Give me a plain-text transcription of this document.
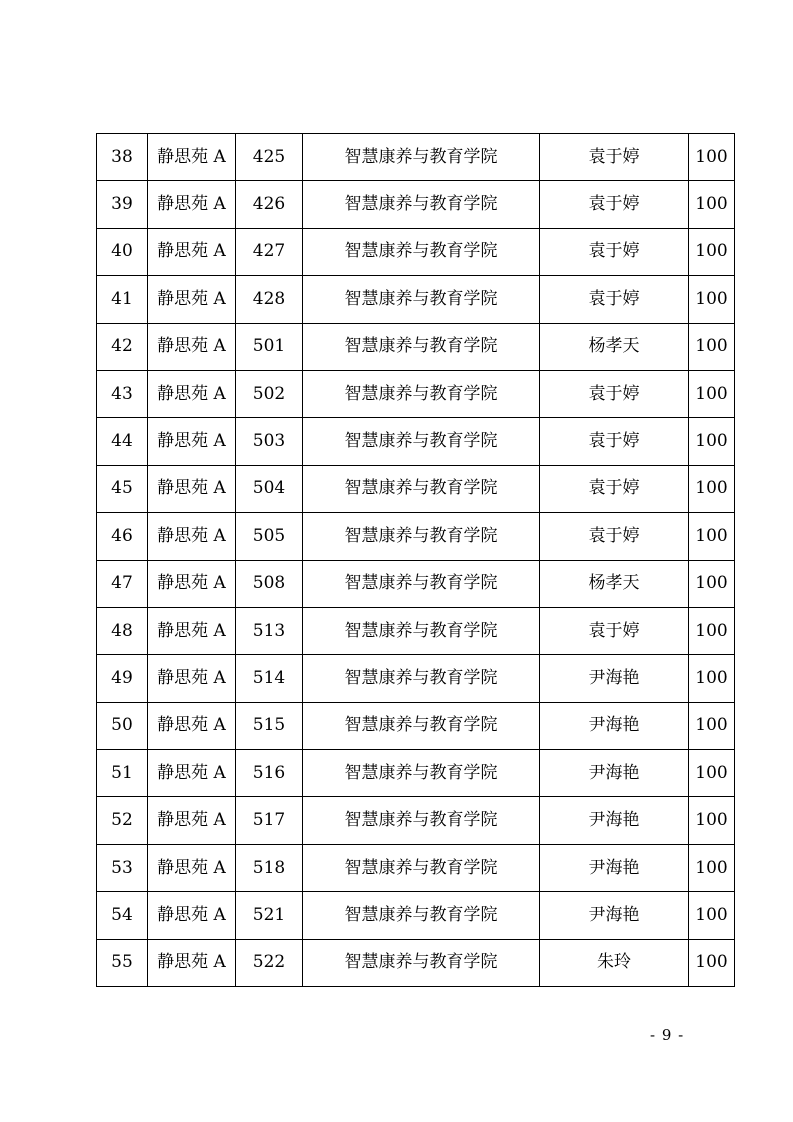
38	静思苑 A	425	智慧康养与教育学院	袁于婷	100
39	静思苑 A	426	智慧康养与教育学院	袁于婷	100
40	静思苑 A	427	智慧康养与教育学院	袁于婷	100
41	静思苑 A	428	智慧康养与教育学院	袁于婷	100
42	静思苑 A	501	智慧康养与教育学院	杨孝天	100
43	静思苑 A	502	智慧康养与教育学院	袁于婷	100
44	静思苑 A	503	智慧康养与教育学院	袁于婷	100
45	静思苑 A	504	智慧康养与教育学院	袁于婷	100
46	静思苑 A	505	智慧康养与教育学院	袁于婷	100
47	静思苑 A	508	智慧康养与教育学院	杨孝天	100
48	静思苑 A	513	智慧康养与教育学院	袁于婷	100
49	静思苑 A	514	智慧康养与教育学院	尹海艳	100
50	静思苑 A	515	智慧康养与教育学院	尹海艳	100
51	静思苑 A	516	智慧康养与教育学院	尹海艳	100
52	静思苑 A	517	智慧康养与教育学院	尹海艳	100
53	静思苑 A	518	智慧康养与教育学院	尹海艳	100
54	静思苑 A	521	智慧康养与教育学院	尹海艳	100
55	静思苑 A	522	智慧康养与教育学院	朱玲	100
- 9 -
